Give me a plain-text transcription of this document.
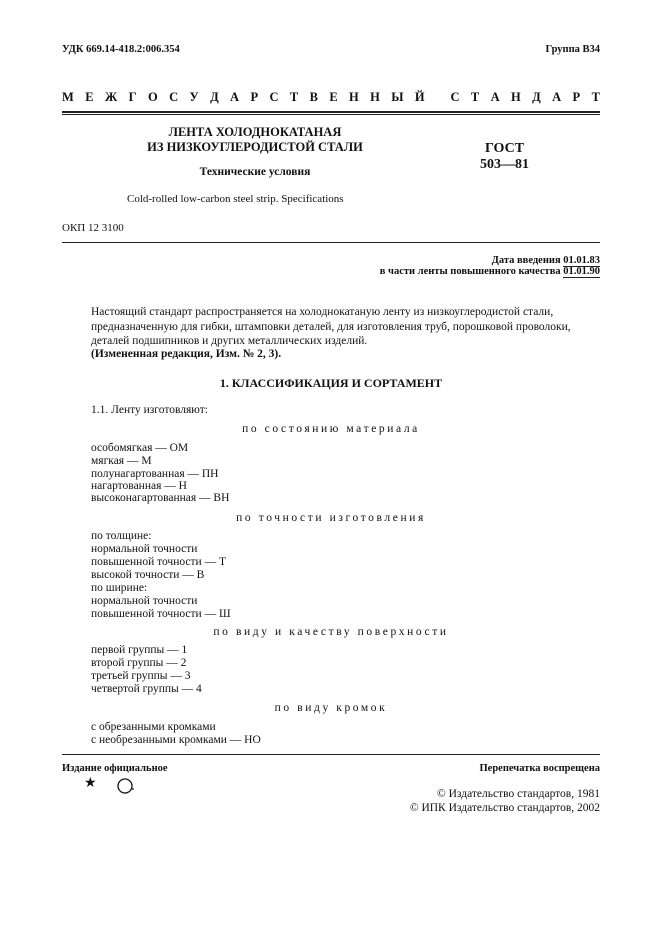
УДК 669.14-418.2:006.354	Группа В34
М Е Ж Г О С У Д А Р С Т В Е Н Н Ы Й
С Т А Н Д А Р Т
ЛЕНТА ХОЛОДНОКАТАНАЯ
ИЗ НИЗКОУГЛЕРОДИСТОЙ СТАЛИ
Технические условия
Cold-rolled low-carbon steel strip. Specifications
ГОСТ
503—81
ОКП 12 3100
Дата введения 01.01.83
в части ленты повышенного качества 01.01.90
Настоящий стандарт распространяется на холоднокатаную ленту из низкоуглеродистой стали,
предназначенную для гибки, штамповки деталей, для изготовления труб, порошковой проволоки,
деталей подшипников и других металлических изделий.
(Измененная редакция, Изм. № 2, 3).
1. КЛАССИФИКАЦИЯ И СОРТАМЕНТ
1.1. Ленту изготовляют:
по состоянию материала
особомягкая — ОМ
мягкая — М
полунагартованная — ПН
нагартованная — Н
высоконагартованная — ВН
по точности изготовления
по толщине:
нормальной точности
повышенной точности — Т
высокой точности — В
по ширине:
нормальной точности
повышенной точности — Ш
по виду и качеству поверхности
первой группы — 1
второй группы — 2
третьей группы — 3
четвертой группы — 4
по виду кромок
с обрезанными кромками
с необрезанными кромками — НО
Издание официальное	Перепечатка воспрещена
★
© Издательство стандартов, 1981
© ИПК Издательство стандартов, 2002
